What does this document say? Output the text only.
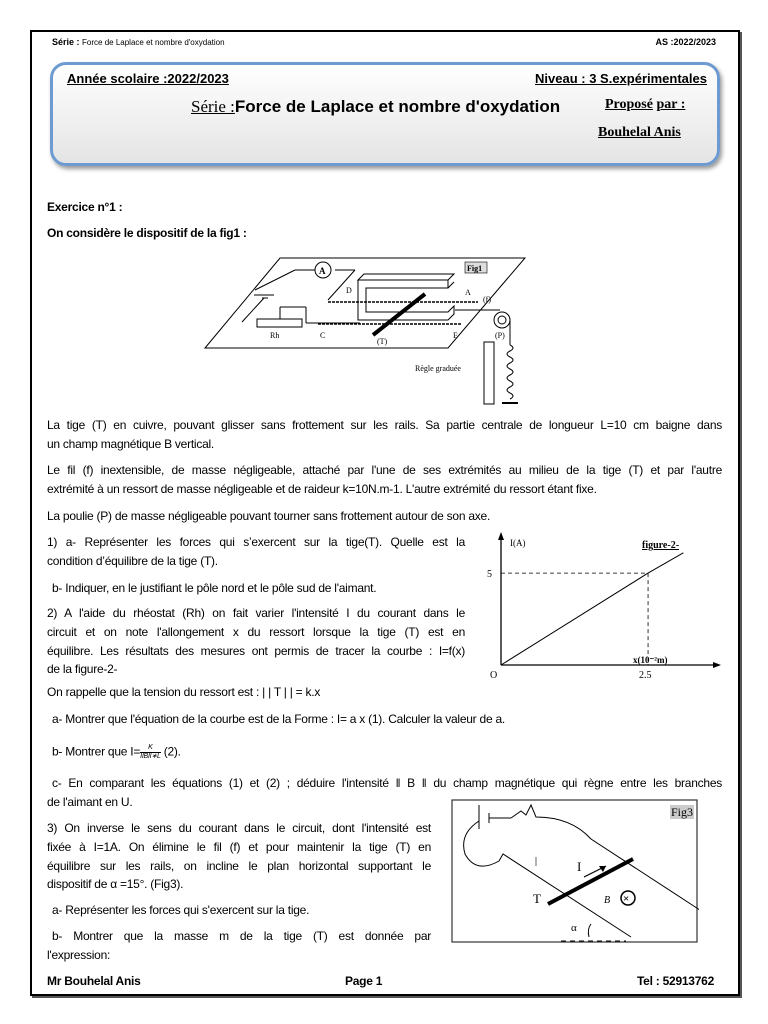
Série : Force de Laplace et nombre d'oxydation	AS :2022/2023
Année scolaire :2022/2023	Niveau : 3 S.expérimentales
Série :Force de Laplace et nombre d'oxydation	Proposé par :
Bouhelal Anis
Exercice n°1 :
On considère le dispositif de la fig1 :
A	Fig1
D	A
C	E
Rh
(T)
(f)
(P)
Règle graduée
La tige (T) en cuivre, pouvant glisser sans frottement sur les rails. Sa partie centrale de longueur L=10 cm baigne dans
un champ magnétique B vertical.
Le fil (f) inextensible, de masse négligeable, attaché par l'une de ses extrémités au milieu de la tige (T) et par l'autre
extrémité à un ressort de masse négligeable et de raideur k=10N.m-1. L'autre extrémité du ressort étant fixe.
La poulie (P) de masse négligeable pouvant tourner sans frottement autour de son axe.
1) a- Représenter les forces qui s’exercent sur la tige(T). Quelle est la
condition d’équilibre de la tige (T).
b- Indiquer, en le justifiant le pôle nord et le pôle sud de l'aimant.
2) A l'aide du rhéostat (Rh) on fait varier l'intensité I du courant dans le
circuit et on note l'allongement x du ressort lorsque la tige (T) est en
équilibre. Les résultats des mesures ont permis de tracer la courbe : I=f(x)
de la figure-2-
figure-2-
I(A)
x(10⁻²m)
O	2.5
5
On rappelle que la tension du ressort est : | | T | | = k.x
a- Montrer que l'équation de la courbe est de la Forme : I= a x (1). Calculer la valeur de a.
b- Montrer que I=	K
IIBII∗L (2).
c- En comparant les équations (1) et (2) ; déduire l'intensité ‖ B ‖ du champ magnétique qui règne entre les branches
de l'aimant en U.
3) On inverse le sens du courant dans le circuit, dont l'intensité est
fixée à I=1A. On élimine le fil (f) et pour maintenir la tige (T) en
équilibre sur les rails, on incline le plan horizontal supportant le
dispositif de α =15°. (Fig3).
a- Représenter les forces qui s'exercent sur la tige.
b- Montrer que la masse m de la tige (T) est donnée par
l'expression:
Fig3
I
T	B ×
α
Mr Bouhelal Anis	Page 1	Tel : 52913762
